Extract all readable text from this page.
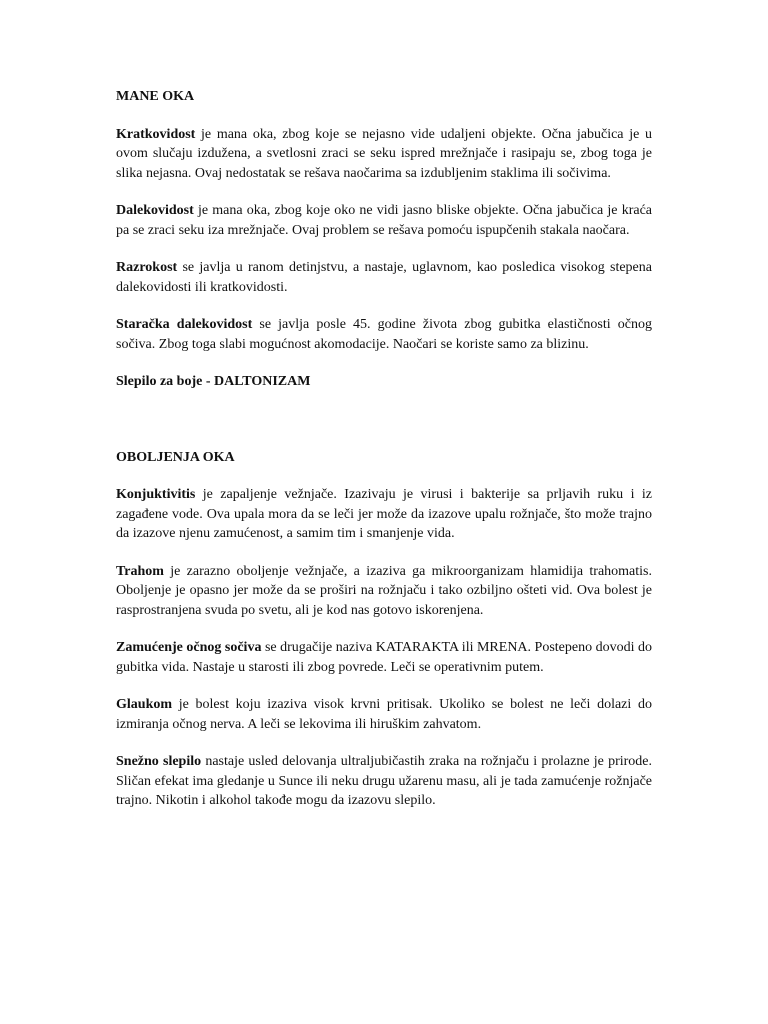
MANE OKA

Kratkovidost je mana oka, zbog koje se nejasno vide udaljeni objekte. Očna jabučica je u ovom slučaju izdužena, a svetlosni zraci se seku ispred mrežnjače i rasipaju se, zbog toga je slika nejasna. Ovaj nedostatak se rešava naočarima sa izdubljenim staklima ili sočivima.

Dalekovidost je mana oka, zbog koje oko ne vidi jasno bliske objekte. Očna jabučica je kraća pa se zraci seku iza mrežnjače. Ovaj problem se rešava pomoću ispupčenih stakala naočara.

Razrokost se javlja u ranom detinjstvu, a nastaje, uglavnom, kao posledica visokog stepena dalekovidosti ili kratkovidosti.

Staračka dalekovidost se javlja posle 45. godine života zbog gubitka elastičnosti očnog sočiva. Zbog toga slabi mogućnost akomodacije. Naočari se koriste samo za blizinu.

Slepilo za boje - DALTONIZAM

OBOLJENJA OKA

Konjuktivitis je zapaljenje vežnjače. Izazivaju je virusi i bakterije sa prljavih ruku i iz zagađene vode. Ova upala mora da se leči jer može da izazove upalu rožnjače, što može trajno da izazove njenu zamućenost, a samim tim i smanjenje vida.

Trahom je zarazno oboljenje vežnjače, a izaziva ga mikroorganizam hlamidija trahomatis. Oboljenje je opasno jer može da se proširi na rožnjaču i tako ozbiljno ošteti vid. Ova bolest je rasprostranjena svuda po svetu, ali je kod nas gotovo iskorenjena.

Zamućenje očnog sočiva se drugačije naziva KATARAKTA ili MRENA. Postepeno dovodi do gubitka vida. Nastaje u starosti ili zbog povrede. Leči se operativnim putem.

Glaukom je bolest koju izaziva visok krvni pritisak. Ukoliko se bolest ne leči dolazi do izmiranja očnog nerva. A leči se lekovima ili hiruškim zahvatom.

Snežno slepilo nastaje usled delovanja ultraljubičastih zraka na rožnjaču i prolazne je prirode. Sličan efekat ima gledanje u Sunce ili neku drugu užarenu masu, ali je tada zamućenje rožnjače trajno. Nikotin i alkohol takođe mogu da izazovu slepilo.
